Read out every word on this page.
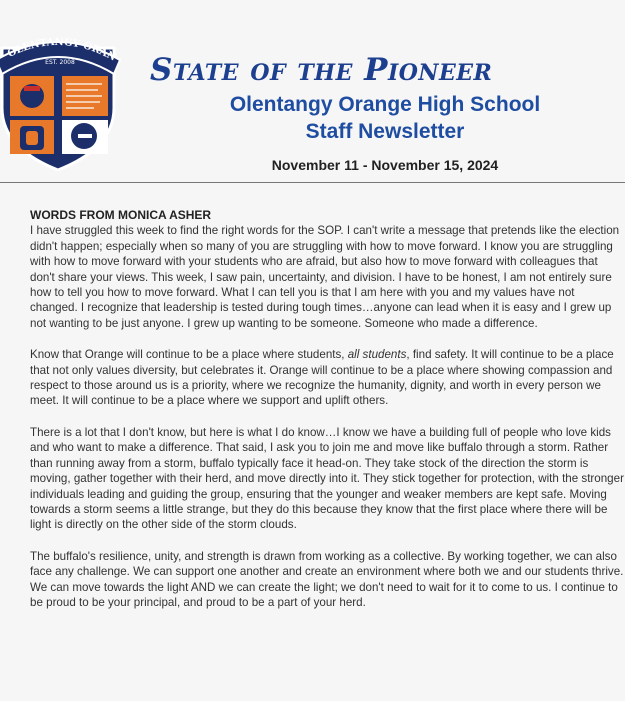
OLENTANGY ORAN
EST. 2008	State of the Pioneer
Olentangy Orange High School
Staff Newsletter
November 11 - November 15, 2024
WORDS FROM MONICA ASHER

I have struggled this week to find the right words for the SOP. I can't write a message that pretends like the election didn't happen; especially when so many of you are struggling with how to move forward. I know you are struggling with how to move forward with your students who are afraid, but also how to move forward with colleagues that don't share your views. This week, I saw pain, uncertainty, and division. I have to be honest, I am not entirely sure how to tell you how to move forward. What I can tell you is that I am here with you and my values have not changed. I recognize that leadership is tested during tough times…anyone can lead when it is easy and I grew up not wanting to be just anyone. I grew up wanting to be someone. Someone who made a difference.

Know that Orange will continue to be a place where students, all students, find safety. It will continue to be a place that not only values diversity, but celebrates it. Orange will continue to be a place where showing compassion and respect to those around us is a priority, where we recognize the humanity, dignity, and worth in every person we meet. It will continue to be a place where we support and uplift others.

There is a lot that I don't know, but here is what I do know…I know we have a building full of people who love kids and who want to make a difference. That said, I ask you to join me and move like buffalo through a storm. Rather than running away from a storm, buffalo typically face it head-on. They take stock of the direction the storm is moving, gather together with their herd, and move directly into it. They stick together for protection, with the stronger individuals leading and guiding the group, ensuring that the younger and weaker members are kept safe. Moving towards a storm seems a little strange, but they do this because they know that the first place where there will be light is directly on the other side of the storm clouds.

The buffalo's resilience, unity, and strength is drawn from working as a collective. By working together, we can also face any challenge. We can support one another and create an environment where both we and our students thrive. We can move towards the light AND we can create the light; we don't need to wait for it to come to us. I continue to be proud to be your principal, and proud to be a part of your herd.
